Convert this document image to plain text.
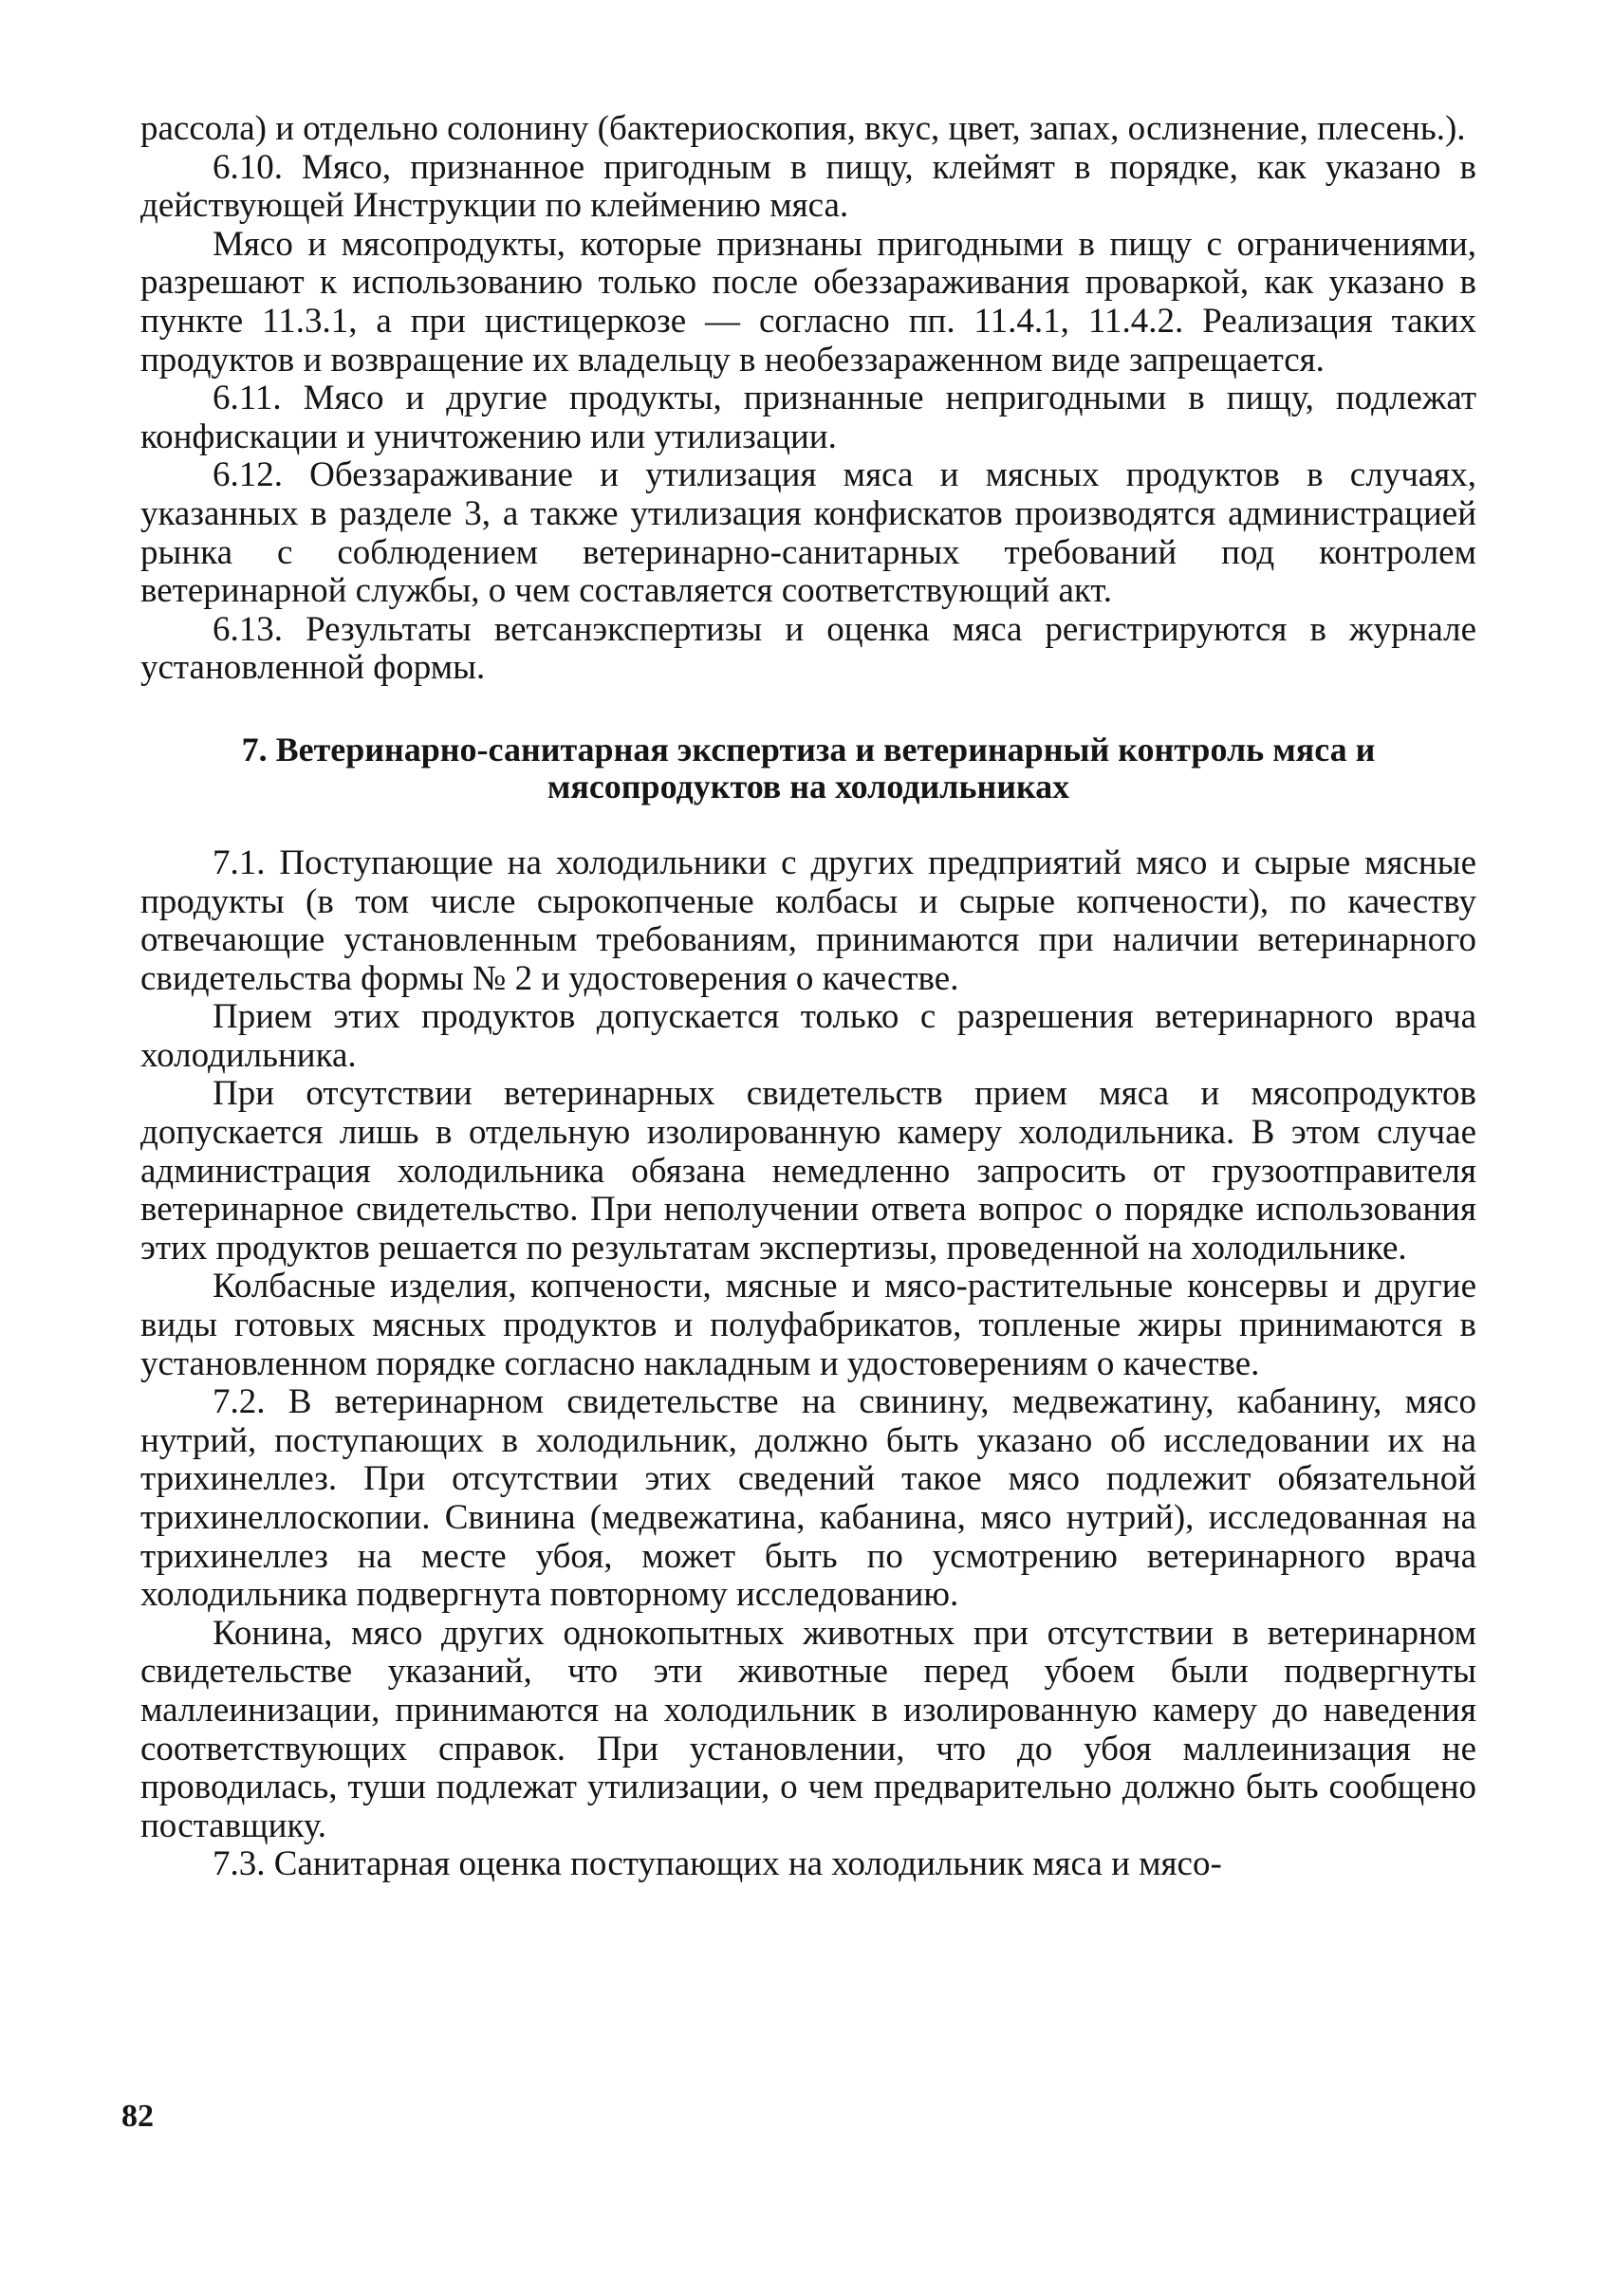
рассола) и отдельно солонину (бактериоскопия, вкус, цвет, запах, ослизнение, плесень.).

6.10. Мясо, признанное пригодным в пищу, клеймят в порядке, как указано в действующей Инструкции по клеймению мяса.

Мясо и мясопродукты, которые признаны пригодными в пищу с ограничениями, разрешают к использованию только после обеззараживания проваркой, как указано в пункте 11.3.1, а при цистицеркозе — согласно пп. 11.4.1, 11.4.2. Реализация таких продуктов и возвращение их владельцу в необеззараженном виде запрещается.

6.11. Мясо и другие продукты, признанные непригодными в пищу, подлежат конфискации и уничтожению или утилизации.

6.12. Обеззараживание и утилизация мяса и мясных продуктов в случаях, указанных в разделе 3, а также утилизация конфискатов производятся администрацией рынка с соблюдением ветеринарно-санитарных требований под контролем ветеринарной службы, о чем составляется соответствующий акт.

6.13. Результаты ветсанэкспертизы и оценка мяса регистрируются в журнале установленной формы.

7. Ветеринарно-санитарная экспертиза и ветеринарный контроль мяса и мясопродуктов на холодильниках

7.1. Поступающие на холодильники с других предприятий мясо и сырые мясные продукты (в том числе сырокопченые колбасы и сырые копчености), по качеству отвечающие установленным требованиям, принимаются при наличии ветеринарного свидетельства формы № 2 и удостоверения о качестве.

Прием этих продуктов допускается только с разрешения ветеринарного врача холодильника.

При отсутствии ветеринарных свидетельств прием мяса и мясопродуктов допускается лишь в отдельную изолированную камеру холодильника. В этом случае администрация холодильника обязана немедленно запросить от грузоотправителя ветеринарное свидетельство. При неполучении ответа вопрос о порядке использования этих продуктов решается по результатам экспертизы, проведенной на холодильнике.

Колбасные изделия, копчености, мясные и мясо-растительные консервы и другие виды готовых мясных продуктов и полуфабрикатов, топленые жиры принимаются в установленном порядке согласно накладным и удостоверениям о качестве.

7.2. В ветеринарном свидетельстве на свинину, медвежатину, кабанину, мясо нутрий, поступающих в холодильник, должно быть указано об исследовании их на трихинеллез. При отсутствии этих сведений такое мясо подлежит обязательной трихинеллоскопии. Свинина (медвежатина, кабанина, мясо нутрий), исследованная на трихинеллез на месте убоя, может быть по усмотрению ветеринарного врача холодильника подвергнута повторному исследованию.

Конина, мясо других однокопытных животных при отсутствии в ветеринарном свидетельстве указаний, что эти животные перед убоем были подвергнуты маллеинизации, принимаются на холодильник в изолированную камеру до наведения соответствующих справок. При установлении, что до убоя маллеинизация не проводилась, туши подлежат утилизации, о чем предварительно должно быть сообщено поставщику.

7.3. Санитарная оценка поступающих на холодильник мяса и мясо-

82
